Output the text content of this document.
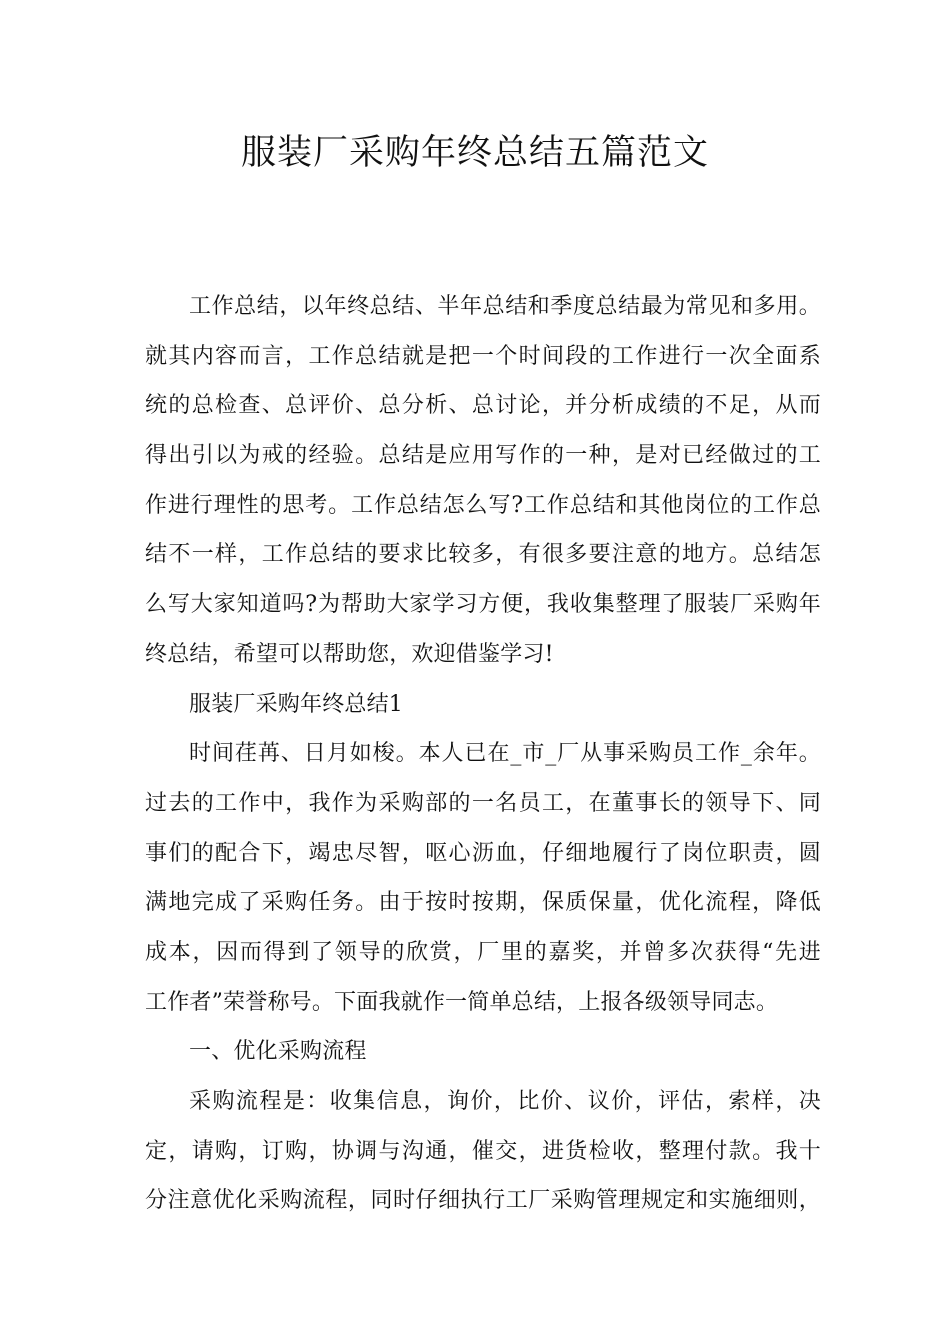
服装厂采购年终总结五篇范文
工作总结，以年终总结、半年总结和季度总结最为常见和多用。
就其内容而言，工作总结就是把一个时间段的工作进行一次全面系
统的总检查、总评价、总分析、总讨论，并分析成绩的不足，从而
得出引以为戒的经验。总结是应用写作的一种，是对已经做过的工
作进行理性的思考。工作总结怎么写?工作总结和其他岗位的工作总
结不一样，工作总结的要求比较多，有很多要注意的地方。总结怎
么写大家知道吗?为帮助大家学习方便，我收集整理了服装厂采购年
终总结，希望可以帮助您，欢迎借鉴学习!
服装厂采购年终总结1
时间荏苒、日月如梭。本人已在_市_厂从事采购员工作_余年。
过去的工作中，我作为采购部的一名员工，在董事长的领导下、同
事们的配合下，竭忠尽智，呕心沥血，仔细地履行了岗位职责，圆
满地完成了采购任务。由于按时按期，保质保量，优化流程，降低
成本，因而得到了领导的欣赏，厂里的嘉奖，并曾多次获得“先进
工作者”荣誉称号。下面我就作一简单总结，上报各级领导同志。
一、优化采购流程
采购流程是：收集信息，询价，比价、议价，评估，索样，决
定，请购，订购，协调与沟通，催交，进货检收，整理付款。我十
分注意优化采购流程，同时仔细执行工厂采购管理规定和实施细则，
